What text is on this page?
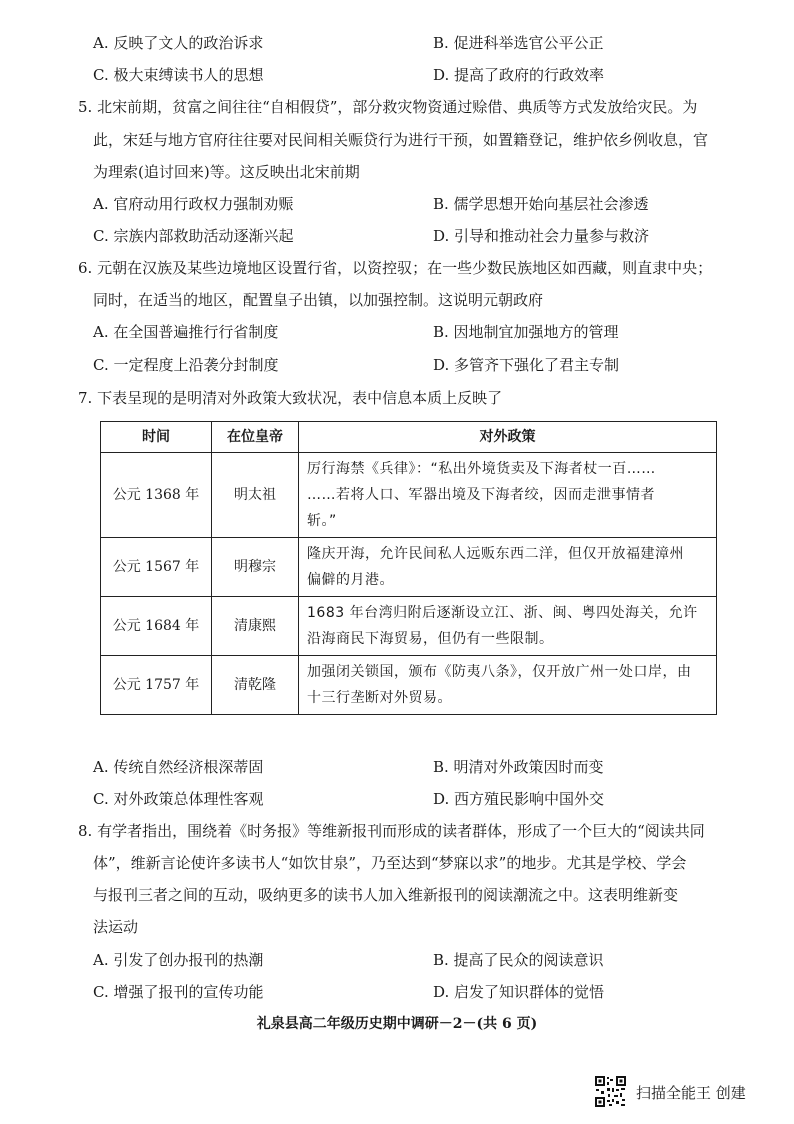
A. 反映了文人的政治诉求	B. 促进科举选官公平公正
C. 极大束缚读书人的思想	D. 提高了政府的行政效率
5. 北宋前期，贫富之间往往“自相假贷”，部分救灾物资通过赊借、典质等方式发放给灾民。为
此，宋廷与地方官府往往要对民间相关赈贷行为进行干预，如置籍登记，维护依乡例收息，官
为理索(追讨回来)等。这反映出北宋前期
A. 官府动用行政权力强制劝赈	B. 儒学思想开始向基层社会渗透
C. 宗族内部救助活动逐渐兴起	D. 引导和推动社会力量参与救济
6. 元朝在汉族及某些边境地区设置行省，以资控驭；在一些少数民族地区如西藏，则直隶中央；
同时，在适当的地区，配置皇子出镇，以加强控制。这说明元朝政府
A. 在全国普遍推行行省制度	B. 因地制宜加强地方的管理
C. 一定程度上沿袭分封制度	D. 多管齐下强化了君主专制
7. 下表呈现的是明清对外政策大致状况，表中信息本质上反映了
时间	在位皇帝	对外政策
公元 1368 年	明太祖	厉行海禁《兵律》：“私出外境货卖及下海者杖一百……
……若将人口、军器出境及下海者绞，因而走泄事情者
斩。”

公元 1567 年	明穆宗	隆庆开海，允许民间私人远贩东西二洋，但仅开放福建漳州
偏僻的月港。

公元 1684 年	清康熙	1683 年台湾归附后逐渐设立江、浙、闽、粤四处海关，允许
沿海商民下海贸易，但仍有一些限制。

公元 1757 年	清乾隆	加强闭关锁国，颁布《防夷八条》，仅开放广州一处口岸，由
十三行垄断对外贸易。
A. 传统自然经济根深蒂固	B. 明清对外政策因时而变
C. 对外政策总体理性客观	D. 西方殖民影响中国外交
8. 有学者指出，围绕着《时务报》等维新报刊而形成的读者群体，形成了一个巨大的“阅读共同
体”，维新言论使许多读书人“如饮甘泉”，乃至达到“梦寐以求”的地步。尤其是学校、学会
与报刊三者之间的互动，吸纳更多的读书人加入维新报刊的阅读潮流之中。这表明维新变
法运动
A. 引发了创办报刊的热潮	B. 提高了民众的阅读意识
C. 增强了报刊的宣传功能	D. 启发了知识群体的觉悟
礼泉县高二年级历史期中调研－2－(共 6 页)
扫描全能王 创建
